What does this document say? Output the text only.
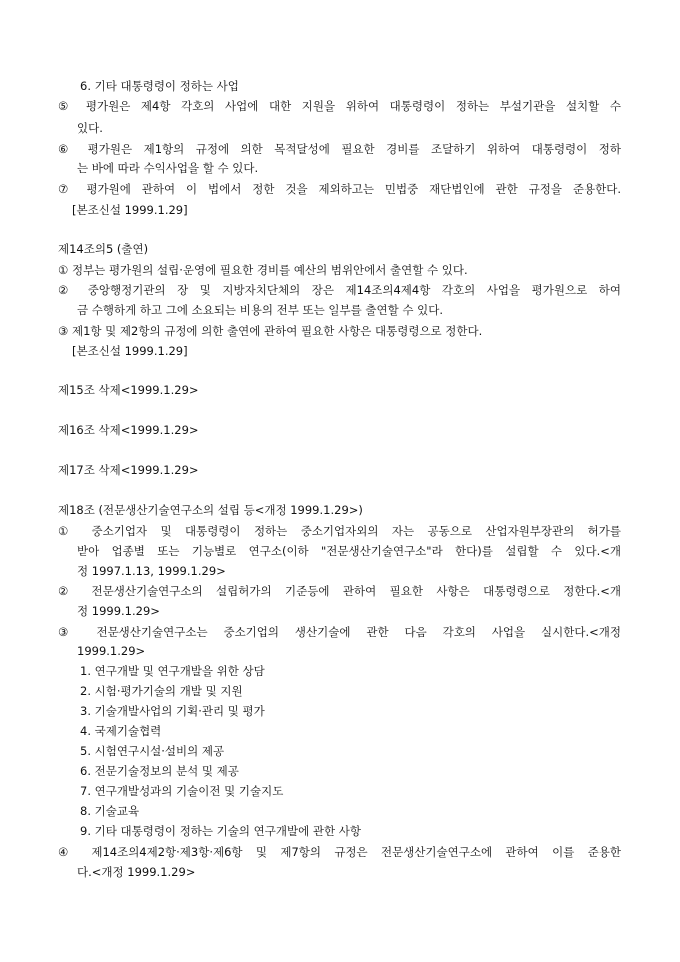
6. 기타 대통령령이 정하는 사업
⑤ 평가원은 제4항 각호의 사업에 대한 지원을 위하여 대통령령이 정하는 부설기관을 설치할 수
있다.
⑥ 평가원은 제1항의 규정에 의한 목적달성에 필요한 경비를 조달하기 위하여 대통령령이 정하
는 바에 따라 수익사업을 할 수 있다.
⑦ 평가원에 관하여 이 법에서 정한 것을 제외하고는 민법중 재단법인에 관한 규정을 준용한다.
[본조신설 1999.1.29]
제14조의5 (출연)
① 정부는 평가원의 설립·운영에 필요한 경비를 예산의 범위안에서 출연할 수 있다.
② 중앙행정기관의 장 및 지방자치단체의 장은 제14조의4제4항 각호의 사업을 평가원으로 하여
금 수행하게 하고 그에 소요되는 비용의 전부 또는 일부를 출연할 수 있다.
③ 제1항 및 제2항의 규정에 의한 출연에 관하여 필요한 사항은 대통령령으로 정한다.
[본조신설 1999.1.29]
제15조 삭제<1999.1.29>
제16조 삭제<1999.1.29>
제17조 삭제<1999.1.29>
제18조 (전문생산기술연구소의 설립 등<개정 1999.1.29>)
① 중소기업자 및 대통령령이 정하는 중소기업자외의 자는 공동으로 산업자원부장관의 허가를
받아 업종별 또는 기능별로 연구소(이하 "전문생산기술연구소"라 한다)를 설립할 수 있다.<개
정 1997.1.13, 1999.1.29>
② 전문생산기술연구소의 설립허가의 기준등에 관하여 필요한 사항은 대통령령으로 정한다.<개
정 1999.1.29>
③ 전문생산기술연구소는 중소기업의 생산기술에 관한 다음 각호의 사업을 실시한다.<개정
1999.1.29>
1. 연구개발 및 연구개발을 위한 상담
2. 시험·평가기술의 개발 및 지원
3. 기술개발사업의 기획·관리 및 평가
4. 국제기술협력
5. 시험연구시설·설비의 제공
6. 전문기술정보의 분석 및 제공
7. 연구개발성과의 기술이전 및 기술지도
8. 기술교육
9. 기타 대통령령이 정하는 기술의 연구개발에 관한 사항
④ 제14조의4제2항·제3항·제6항 및 제7항의 규정은 전문생산기술연구소에 관하여 이를 준용한
다.<개정 1999.1.29>
